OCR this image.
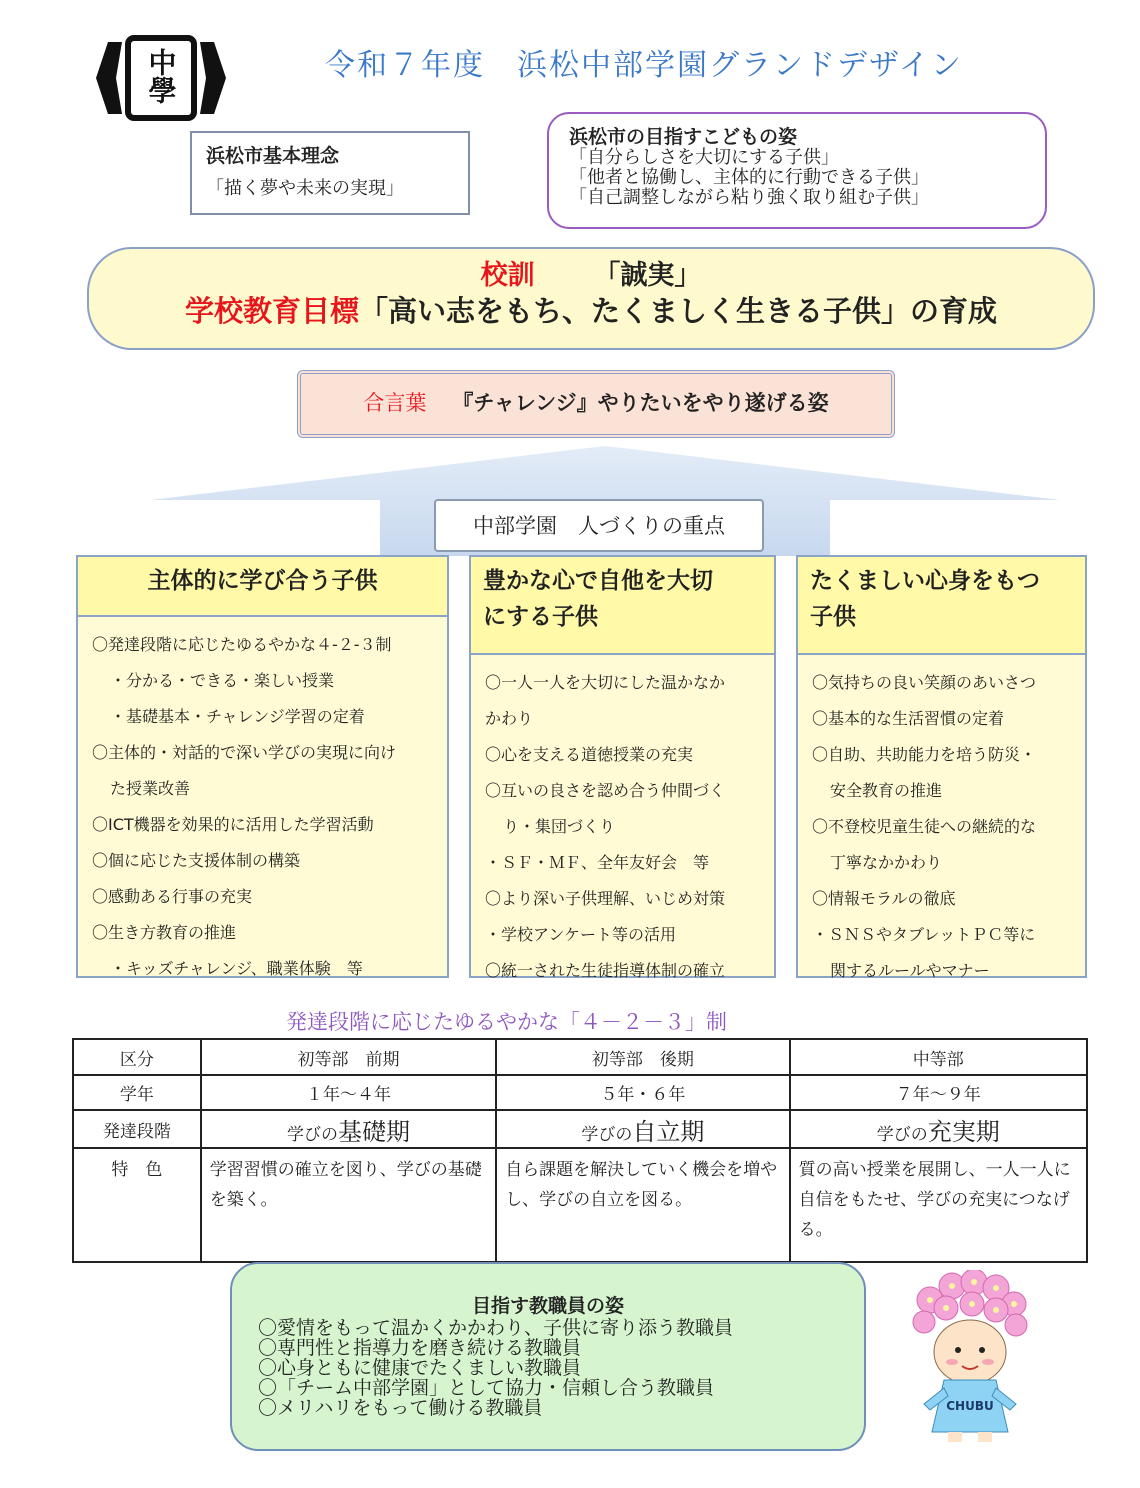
中學	令和７年度　浜松中部学園グランドデザイン
浜松市基本理念
「描く夢や未来の実現」
浜松市の目指すこどもの姿
「自分らしさを大切にする子供」
「他者と協働し、主体的に行動できる子供」
「自己調整しながら粘り強く取り組む子供」
校訓 「誠実」
学校教育目標「高い志をもち、たくましく生きる子供」の育成
合言葉 『チャレンジ』やりたいをやり遂げる姿
中部学園　人づくりの重点
主体的に学び合う子供
〇発達段階に応じたゆるやかな４-２-３制
・分かる・できる・楽しい授業
・基礎基本・チャレンジ学習の定着
〇主体的・対話的で深い学びの実現に向け
た授業改善
〇ICT機器を効果的に活用した学習活動
〇個に応じた支援体制の構築
〇感動ある行事の充実
〇生き方教育の推進
・キッズチャレンジ、職業体験　等
豊かな心で自他を大切
にする子供
〇一人一人を大切にした温かなか
かわり
〇心を支える道徳授業の充実
〇互いの良さを認め合う仲間づく
り・集団づくり
・ＳＦ・ＭＦ、全年友好会　等
〇より深い子供理解、いじめ対策
・学校アンケート等の活用
〇統一された生徒指導体制の確立
たくましい心身をもつ
子供
〇気持ちの良い笑顔のあいさつ
〇基本的な生活習慣の定着
〇自助、共助能力を培う防災・
安全教育の推進
〇不登校児童生徒への継続的な
丁寧なかかわり
〇情報モラルの徹底
・ＳＮＳやタブレットＰＣ等に
関するルールやマナー
発達段階に応じたゆるやかな「４－２－３」制
区分	初等部　前期	初等部　後期	中等部
学年	１年～４年	５年・６年	７年～９年
発達段階	学びの基礎期	学びの自立期	学びの充実期
特　色	学習習慣の確立を図り、学びの基礎を築く。	自ら課題を解決していく機会を増やし、学びの自立を図る。	質の高い授業を展開し、一人一人に自信をもたせ、学びの充実につなげる。
目指す教職員の姿
〇愛情をもって温かくかかわり、子供に寄り添う教職員
〇専門性と指導力を磨き続ける教職員
〇心身ともに健康でたくましい教職員
〇「チーム中部学園」として協力・信頼し合う教職員
〇メリハリをもって働ける教職員	CHUBU
